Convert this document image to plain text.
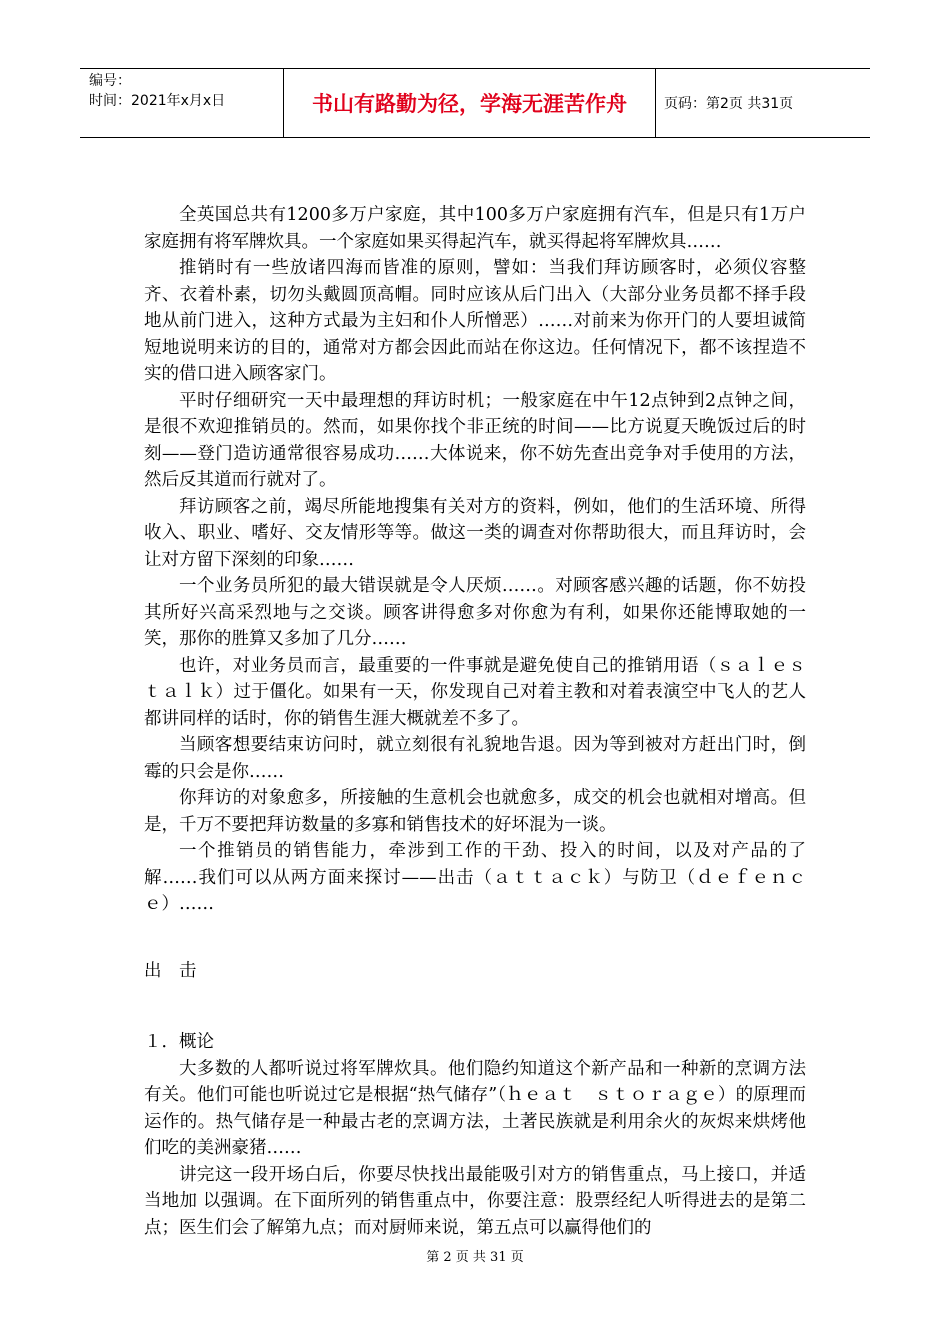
编号：
时间：2021年x月x日	书山有路勤为径，学海无涯苦作舟	页码：第2页 共31页

全英国总共有1200多万户家庭，其中100多万户家庭拥有汽车，但是只有1万户家庭拥有将军牌炊具。一个家庭如果买得起汽车，就买得起将军牌炊具……

推销时有一些放诸四海而皆准的原则，譬如：当我们拜访顾客时，必须仪容整齐、衣着朴素，切勿头戴圆顶高帽。同时应该从后门出入（大部分业务员都不择手段地从前门进入，这种方式最为主妇和仆人所憎恶）……对前来为你开门的人要坦诚简短地说明来访的目的，通常对方都会因此而站在你这边。任何情况下，都不该捏造不实的借口进入顾客家门。

平时仔细研究一天中最理想的拜访时机；一般家庭在中午12点钟到2点钟之间，是很不欢迎推销员的。然而，如果你找个非正统的时间——比方说夏天晚饭过后的时刻——登门造访通常很容易成功……大体说来，你不妨先查出竞争对手使用的方法，然后反其道而行就对了。

拜访顾客之前，竭尽所能地搜集有关对方的资料，例如，他们的生活环境、所得收入、职业、嗜好、交友情形等等。做这一类的调查对你帮助很大，而且拜访时，会让对方留下深刻的印象……

一个业务员所犯的最大错误就是令人厌烦……。对顾客感兴趣的话题，你不妨投其所好兴高采烈地与之交谈。顾客讲得愈多对你愈为有利，如果你还能博取她的一笑，那你的胜算又多加了几分……

也许，对业务员而言，最重要的一件事就是避免使自己的推销用语（ｓａｌｅｓ　ｔａｌｋ）过于僵化。如果有一天，你发现自己对着主教和对着表演空中飞人的艺人都讲同样的话时，你的销售生涯大概就差不多了。

当顾客想要结束访问时，就立刻很有礼貌地告退。因为等到被对方赶出门时，倒霉的只会是你……

你拜访的对象愈多，所接触的生意机会也就愈多，成交的机会也就相对增高。但是，千万不要把拜访数量的多寡和销售技术的好坏混为一谈。

一个推销员的销售能力，牵涉到工作的干劲、投入的时间，以及对产品的了解……我们可以从两方面来探讨——出击（ａｔｔａｃｋ）与防卫（ｄｅｆｅｎｃｅ）……

出　击

１．概论

大多数的人都听说过将军牌炊具。他们隐约知道这个新产品和一种新的烹调方法有关。他们可能也听说过它是根据“热气储存”（ｈｅａｔ　ｓｔｏｒａｇｅ）的原理而运作的。热气储存是一种最古老的烹调方法，土著民族就是利用余火的灰烬来烘烤他们吃的美洲豪猪……

讲完这一段开场白后，你要尽快找出最能吸引对方的销售重点，马上接口，并适当地加 以强调。在下面所列的销售重点中，你要注意：股票经纪人听得进去的是第二点；医生们会了解第九点；而对厨师来说，第五点可以赢得他们的

第 2 页 共 31 页
